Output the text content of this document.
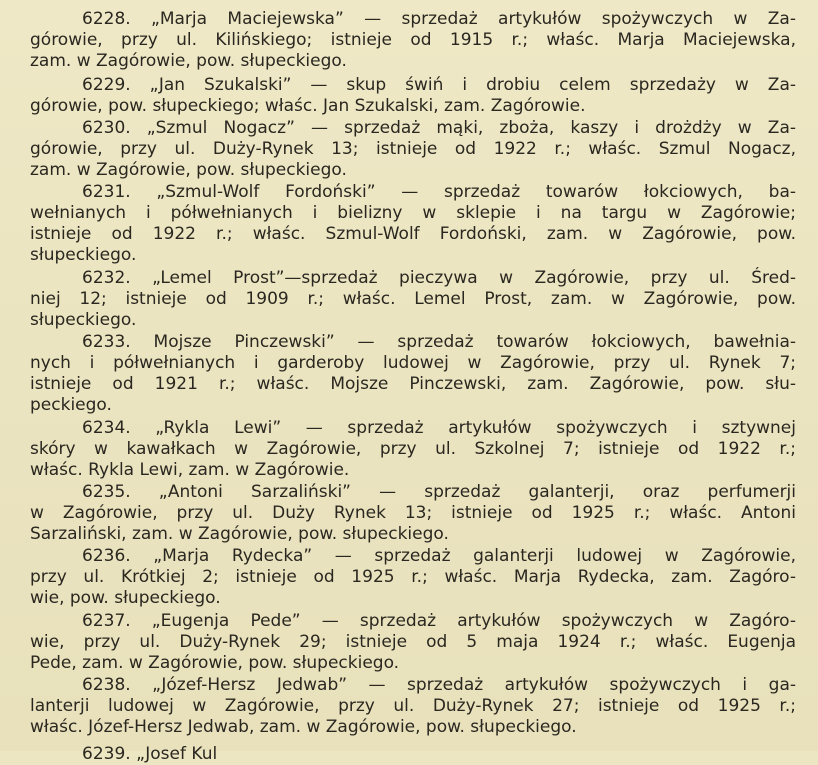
6228. „Marja Maciejewska” — sprzedaż artykułów spożywczych w Za-
górowie, przy ul. Kilińskiego; istnieje od 1915 r.; właśc. Marja Maciejewska,
zam. w Zagórowie, pow. słupeckiego.
6229. „Jan Szukalski” — skup świń i drobiu celem sprzedaży w Za-
górowie, pow. słupeckiego; właśc. Jan Szukalski, zam. Zagórowie.
6230. „Szmul Nogacz” — sprzedaż mąki, zboża, kaszy i drożdży w Za-
górowie, przy ul. Duży-Rynek 13; istnieje od 1922 r.; właśc. Szmul Nogacz,
zam. w Zagórowie, pow. słupeckiego.
6231. „Szmul-Wolf Fordoński” — sprzedaż towarów łokciowych, ba-
wełnianych i półwełnianych i bielizny w sklepie i na targu w Zagórowie;
istnieje od 1922 r.; właśc. Szmul-Wolf Fordoński, zam. w Zagórowie, pow.
słupeckiego.
6232. „Lemel Prost”—sprzedaż pieczywa w Zagórowie, przy ul. Śred-
niej 12; istnieje od 1909 r.; właśc. Lemel Prost, zam. w Zagórowie, pow.
słupeckiego.
6233. Mojsze Pinczewski” — sprzedaż towarów łokciowych, bawełnia-
nych i półwełnianych i garderoby ludowej w Zagórowie, przy ul. Rynek 7;
istnieje od 1921 r.; właśc. Mojsze Pinczewski, zam. Zagórowie, pow. słu-
peckiego.
6234. „Rykla Lewi” — sprzedaż artykułów spożywczych i sztywnej
skóry w kawałkach w Zagórowie, przy ul. Szkolnej 7; istnieje od 1922 r.;
właśc. Rykla Lewi, zam. w Zagórowie.
6235. „Antoni Sarzaliński” — sprzedaż galanterji, oraz perfumerji
w Zagórowie, przy ul. Duży Rynek 13; istnieje od 1925 r.; właśc. Antoni
Sarzaliński, zam. w Zagórowie, pow. słupeckiego.
6236. „Marja Rydecka” — sprzedaż galanterji ludowej w Zagórowie,
przy ul. Krótkiej 2; istnieje od 1925 r.; właśc. Marja Rydecka, zam. Zagóro-
wie, pow. słupeckiego.
6237. „Eugenja Pede” — sprzedaż artykułów spożywczych w Zagóro-
wie, przy ul. Duży-Rynek 29; istnieje od 5 maja 1924 r.; właśc. Eugenja
Pede, zam. w Zagórowie, pow. słupeckiego.
6238. „Józef-Hersz Jedwab” — sprzedaż artykułów spożywczych i ga-
lanterji ludowej w Zagórowie, przy ul. Duży-Rynek 27; istnieje od 1925 r.;
właśc. Józef-Hersz Jedwab, zam. w Zagórowie, pow. słupeckiego.
6239. „Josef Kul
